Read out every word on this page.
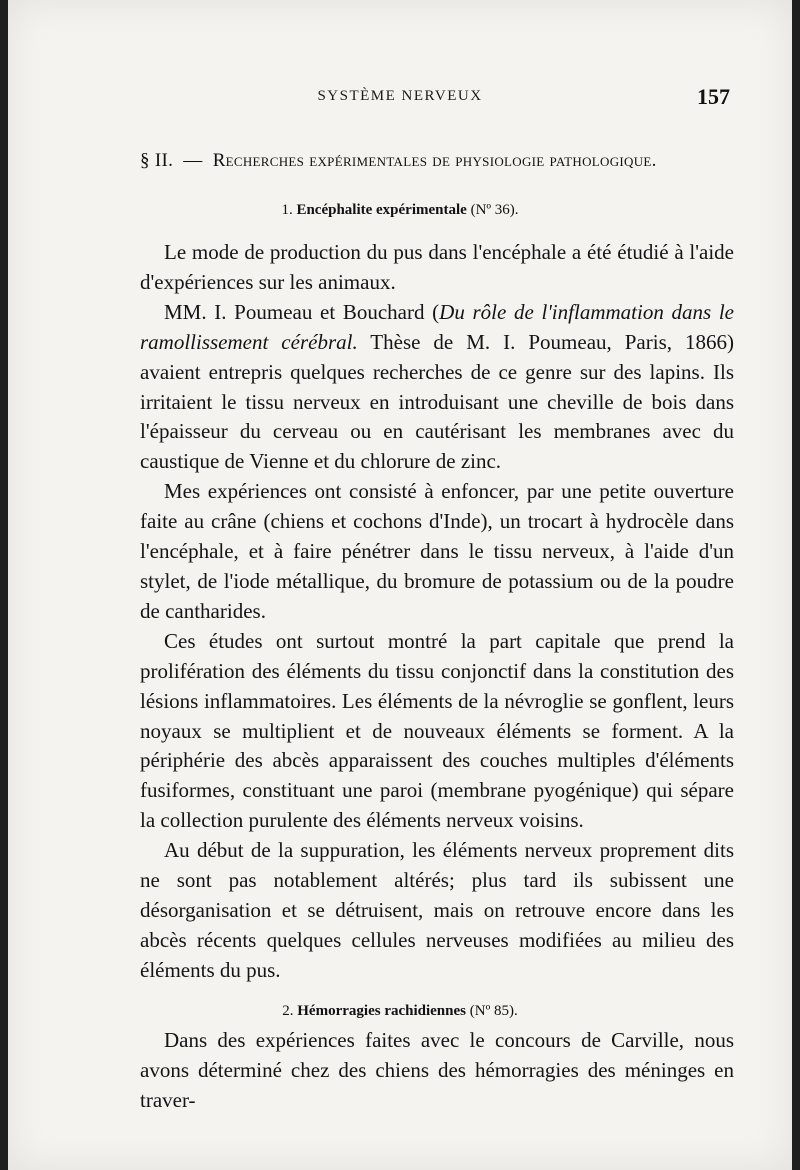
SYSTÈME NERVEUX	157
§ II. — Recherches expérimentales de physiologie pathologique.
1. Encéphalite expérimentale (Nº 36).

Le mode de production du pus dans l'encéphale a été étudié à l'aide d'expériences sur les animaux.

MM. I. Poumeau et Bouchard (Du rôle de l'inflammation dans le ramollissement cérébral. Thèse de M. I. Poumeau, Paris, 1866) avaient entrepris quelques recherches de ce genre sur des lapins. Ils irritaient le tissu nerveux en introduisant une cheville de bois dans l'épaisseur du cerveau ou en cautérisant les membranes avec du caustique de Vienne et du chlorure de zinc.

Mes expériences ont consisté à enfoncer, par une petite ouverture faite au crâne (chiens et cochons d'Inde), un trocart à hydrocèle dans l'encéphale, et à faire pénétrer dans le tissu nerveux, à l'aide d'un stylet, de l'iode métallique, du bromure de potassium ou de la poudre de cantharides.

Ces études ont surtout montré la part capitale que prend la prolifération des éléments du tissu conjonctif dans la constitution des lésions inflammatoires. Les éléments de la névroglie se gonflent, leurs noyaux se multiplient et de nouveaux éléments se forment. A la périphérie des abcès apparaissent des couches multiples d'éléments fusiformes, constituant une paroi (membrane pyogénique) qui sépare la collection purulente des éléments nerveux voisins.

Au début de la suppuration, les éléments nerveux proprement dits ne sont pas notablement altérés; plus tard ils subissent une désorganisation et se détruisent, mais on retrouve encore dans les abcès récents quelques cellules nerveuses modifiées au milieu des éléments du pus.

2. Hémorragies rachidiennes (Nº 85).

Dans des expériences faites avec le concours de Carville, nous avons déterminé chez des chiens des hémorragies des méninges en traver-
